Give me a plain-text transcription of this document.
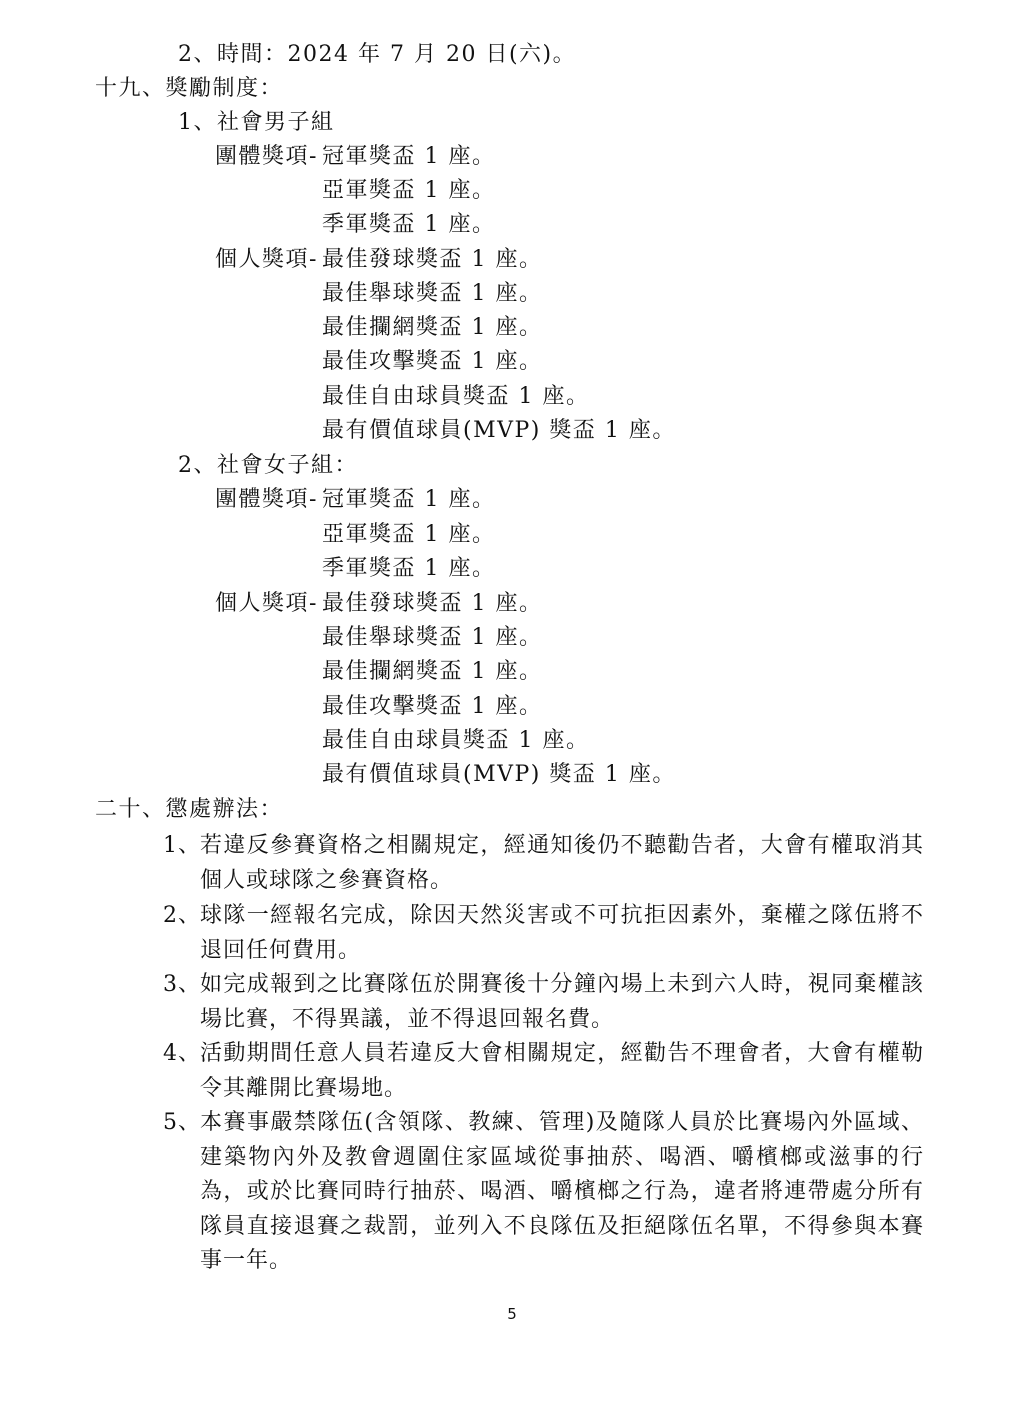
2、時間：2024 年 7 月 20 日(六)。
十九、獎勵制度：
1、社會男子組
團體獎項- 冠軍獎盃 1 座。
亞軍獎盃 1 座。
季軍獎盃 1 座。
個人獎項- 最佳發球獎盃 1 座。
最佳舉球獎盃 1 座。
最佳攔網獎盃 1 座。
最佳攻擊獎盃 1 座。
最佳自由球員獎盃 1 座。
最有價值球員(MVP) 獎盃 1 座。
2、社會女子組：
團體獎項- 冠軍獎盃 1 座。
亞軍獎盃 1 座。
季軍獎盃 1 座。
個人獎項- 最佳發球獎盃 1 座。
最佳舉球獎盃 1 座。
最佳攔網獎盃 1 座。
最佳攻擊獎盃 1 座。
最佳自由球員獎盃 1 座。
最有價值球員(MVP) 獎盃 1 座。
二十、懲處辦法：
1、 若違反參賽資格之相關規定，經通知後仍不聽勸告者，大會有權取消其個人或球隊之參賽資格。
2、 球隊一經報名完成，除因天然災害或不可抗拒因素外，棄權之隊伍將不退回任何費用。
3、 如完成報到之比賽隊伍於開賽後十分鐘內場上未到六人時，視同棄權該場比賽，不得異議，並不得退回報名費。
4、 活動期間任意人員若違反大會相關規定，經勸告不理會者，大會有權勒令其離開比賽場地。
5、 本賽事嚴禁隊伍(含領隊、教練、管理)及隨隊人員於比賽場內外區域、建築物內外及教會週圍住家區域從事抽菸、喝酒、嚼檳榔或滋事的行為，或於比賽同時行抽菸、喝酒、嚼檳榔之行為，違者將連帶處分所有隊員直接退賽之裁罰，並列入不良隊伍及拒絕隊伍名單，不得參與本賽事一年。
5
